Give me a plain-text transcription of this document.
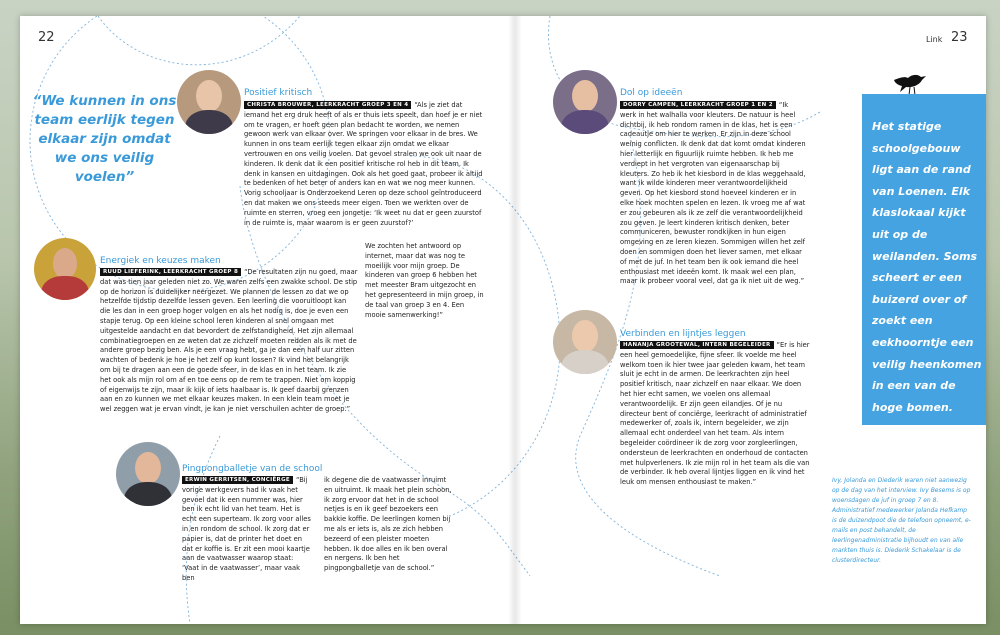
22	Link 23
“We kunnen in ons
team eerlijk tegen
elkaar zijn omdat
we ons veilig voelen”
Positief kritisch
CHRISTA BROUWER, LEERKRACHT GROEP 3 EN 4 “Als je ziet dat iemand het erg druk heeft of als er thuis iets speelt, dan hoef je er niet om te vragen, er hoeft geen plan bedacht te worden, we nemen gewoon werk van elkaar over. We springen voor elkaar in de bres. We kunnen in ons team eerlijk tegen elkaar zijn omdat we elkaar vertrouwen en ons veilig voelen. Dat gevoel stralen we ook uit naar de kinderen. Ik denk dat ik een positief kritische rol heb in dit team. Ik denk in kansen en uitdagingen. Ook als het goed gaat, probeer ik altijd te bedenken of het beter of anders kan en wat we nog meer kunnen. Vorig schooljaar is Onderzoekend Leren op deze school geïntroduceerd en dat maken we ons steeds meer eigen. Toen we werkten over de ruimte en sterren, vroeg een jongetje: ‘Ik weet nu dat er geen zuurstof in de ruimte is, maar waarom is er geen zuurstof?’
We zochten het antwoord op internet, maar dat was nog te moeilijk voor mijn groep. De kinderen van groep 6 hebben het met meester Bram uitgezocht en het gepresenteerd in mijn groep, in de taal van groep 3 en 4. Een mooie samenwerking!”
Energiek en keuzes maken
RUUD LIEFERINK, LEERKRACHT GROEP 8 “De resultaten zijn nu goed, maar dat was tien jaar geleden niet zo. We waren zelfs een zwakke school. De stip op de horizon is duidelijker neergezet. We plannen de lessen zo dat we op hetzelfde tijdstip dezelfde lessen geven. Een leerling die vooruitloopt kan die les dan in een groep hoger volgen en als het nodig is, doe je even een stapje terug. Op een kleine school leren kinderen al snel omgaan met uitgestelde aandacht en dat bevordert de zelfstandigheid. Het zijn allemaal combinatiegroepen en ze weten dat ze zichzelf moeten redden als ik met de andere groep bezig ben. Als je een vraag hebt, ga je dan een half uur zitten wachten of bedenk je hoe je het zelf op kunt lossen? Ik vind het belangrijk om bij te dragen aan een de goede sfeer, in de klas en in het team. Ik zie het ook als mijn rol om af en toe eens op de rem te trappen. Niet om koppig of eigenwijs te zijn, maar ik kijk of iets haalbaar is. Ik geef daarbij grenzen aan en zo kunnen we met elkaar keuzes maken. In een klein team moet je wel zeggen wat je ervan vindt, je kan je niet verschuilen achter de groep.”
Pingpongballetje van de school
ERWIN GERRITSEN, CONCIËRGE “Bij vorige werkgevers had ik vaak het gevoel dat ik een nummer was, hier ben ik echt lid van het team. Het is echt een superteam. Ik zorg voor alles in en rondom de school. Ik zorg dat er papier is, dat de printer het doet en dat er koffie is. Er zit een mooi kaartje aan de vaatwasser waarop staat: ‘Vaat in de vaatwasser’, maar vaak ben
ik degene die de vaatwasser inruimt en uitruimt. Ik maak het plein schoon, ik zorg ervoor dat het in de school netjes is en ik geef bezoekers een bakkie koffie. De leerlingen komen bij me als er iets is, als ze zich hebben bezeerd of een pleister moeten hebben. Ik doe alles en ik ben overal en nergens. Ik ben het pingpongballetje van de school.”
Dol op ideeën
DORRY CAMPEN, LEERKRACHT GROEP 1 EN 2 “Ik werk in het walhalla voor kleuters. De natuur is heel dichtbij, ik heb rondom ramen in de klas, het is een cadeautje om hier te werken. Er zijn in deze school weinig conflicten. Ik denk dat dat komt omdat kinderen hier letterlijk en figuurlijk ruimte hebben. Ik heb me verdiept in het vergroten van eigenaarschap bij kleuters. Zo heb ik het kiesbord in de klas weggehaald, want ik wilde kinderen meer verantwoordelijkheid geven. Op het kiesbord stond hoeveel kinderen er in elke hoek mochten spelen en lezen. Ik vroeg me af wat er zou gebeuren als ik ze zelf die verantwoordelijkheid zou geven. Je leert kinderen kritisch denken, beter communiceren, bewuster rondkijken in hun eigen omgeving en ze leren kiezen. Sommigen willen het zelf doen en sommigen doen het liever samen, met elkaar of met de juf. In het team ben ik ook iemand die heel enthousiast met ideeën komt. Ik maak wel een plan, maar ik probeer vooral veel, dat ga ik niet uit de weg.”
Verbinden en lijntjes leggen
HANANJA GROOTEWAL, INTERN BEGELEIDER “Er is hier een heel gemoedelijke, fijne sfeer. Ik voelde me heel welkom toen ik hier twee jaar geleden kwam, het team sluit je echt in de armen. De leerkrachten zijn heel positief kritisch, naar zichzelf en naar elkaar. We doen het hier echt samen, we voelen ons allemaal verantwoordelijk. Er zijn geen eilandjes. Of je nu directeur bent of conciërge, leerkracht of administratief medewerker of, zoals ik, intern begeleider, we zijn allemaal echt onderdeel van het team. Als intern begeleider coördineer ik de zorg voor zorgleerlingen, ondersteun de leerkrachten en onderhoud de contacten met hulpverleners. Ik zie mijn rol in het team als die van de verbinder. Ik heb overal lijntjes liggen en ik vind het leuk om mensen enthousiast te maken.”
Het statige schoolgebouw ligt aan de rand van Loenen. Elk klaslokaal kijkt uit op de weilanden. Soms scheert er een buizerd over of zoekt een eekhoorntje een veilig heenkomen in een van de hoge bomen.
Ivy, Jolanda en Diederik waren niet aanwezig op de dag van het interview. Ivy Besems is op woensdagen de juf in groep 7 en 8. Administratief medewerker Jolanda Hefkamp is de duizendpoot die de telefoon opneemt, e-mails en post behandelt, de leerlingenadministratie bijhoudt en van alle markten thuis is. Diederik Schakelaar is de clusterdirecteur.
